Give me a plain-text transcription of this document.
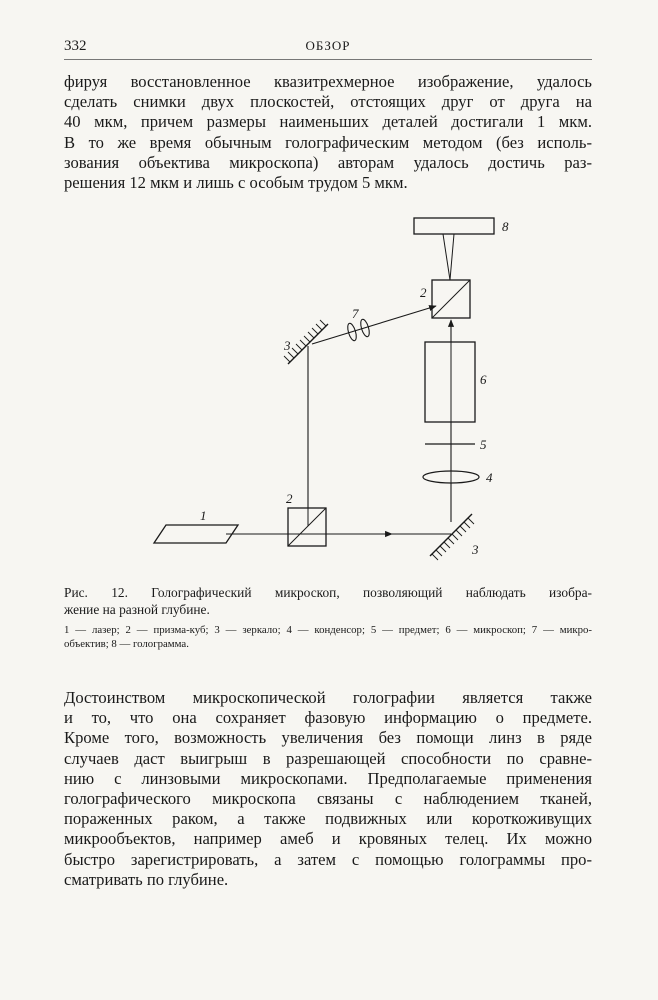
332	ОБЗОР
фируя восстановленное квазитрехмерное изображение, удалось
сделать снимки двух плоскостей, отстоящих друг от друга на
40 мкм, причем размеры наименьших деталей достигали 1 мкм.
В то же время обычным голографическим методом (без исполь-
зования объектива микроскопа) авторам удалось достичь раз-
решения 12 мкм и лишь с особым трудом 5 мкм.
8
2
7
3
6
5
4
1
2
3
Рис. 12. Голографический микроскоп, позволяющий наблюдать изобра-
жение на разной глубине.
1 — лазер; 2 — призма-куб; 3 — зеркало; 4 — конденсор; 5 — предмет; 6 — микроскоп; 7 — микро-
объектив; 8 — голограмма.
Достоинством микроскопической голографии является также
и то, что она сохраняет фазовую информацию о предмете.
Кроме того, возможность увеличения без помощи линз в ряде
случаев даст выигрыш в разрешающей способности по сравне-
нию с линзовыми микроскопами. Предполагаемые применения
голографического микроскопа связаны с наблюдением тканей,
пораженных раком, а также подвижных или короткоживущих
микрообъектов, например амеб и кровяных телец. Их можно
быстро зарегистрировать, а затем с помощью голограммы про-
сматривать по глубине.
